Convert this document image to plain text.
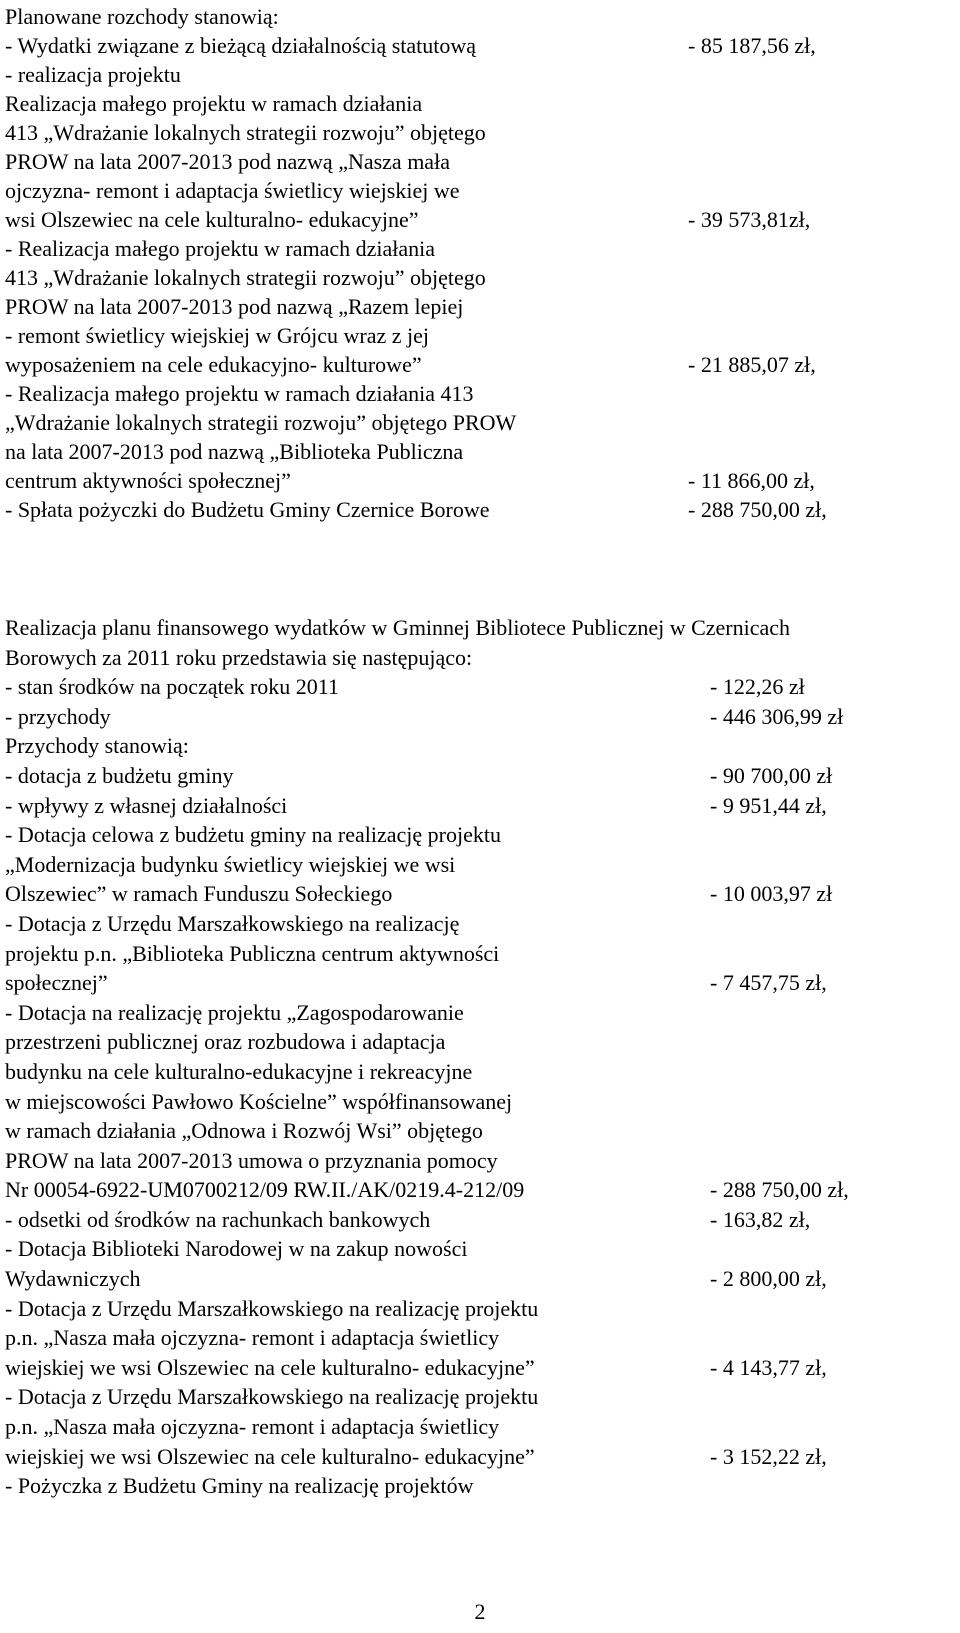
Planowane rozchody stanowią:
- Wydatki związane z bieżącą działalnością statutową	- 85 187,56 zł,
- realizacja projektu
Realizacja małego projektu w ramach działania
413 „Wdrażanie lokalnych strategii rozwoju” objętego
PROW na lata 2007-2013 pod nazwą „Nasza mała
ojczyzna- remont i adaptacja świetlicy wiejskiej we
wsi Olszewiec na cele kulturalno- edukacyjne”	- 39 573,81zł,
- Realizacja małego projektu w ramach działania
413 „Wdrażanie lokalnych strategii rozwoju” objętego
PROW na lata 2007-2013 pod nazwą „Razem lepiej
- remont świetlicy wiejskiej w Grójcu wraz z jej
wyposażeniem na cele edukacyjno- kulturowe”	- 21 885,07 zł,
- Realizacja małego projektu w ramach działania 413
„Wdrażanie lokalnych strategii rozwoju” objętego PROW
na lata 2007-2013 pod nazwą „Biblioteka Publiczna
centrum aktywności społecznej”	- 11 866,00 zł,
- Spłata pożyczki do Budżetu Gminy Czernice Borowe	- 288 750,00 zł,
Realizacja planu finansowego wydatków w Gminnej Bibliotece Publicznej w Czernicach
Borowych za 2011 roku przedstawia się następująco:
- stan środków na początek roku 2011	- 122,26 zł
- przychody	- 446 306,99 zł
Przychody stanowią:
- dotacja z budżetu gminy	- 90 700,00 zł
- wpływy z własnej działalności	- 9 951,44 zł,
- Dotacja celowa z budżetu gminy na realizację projektu
„Modernizacja budynku świetlicy wiejskiej we wsi
Olszewiec” w ramach Funduszu Sołeckiego	- 10 003,97 zł
- Dotacja z Urzędu Marszałkowskiego na realizację
projektu p.n. „Biblioteka Publiczna centrum aktywności
społecznej”	- 7 457,75 zł,
- Dotacja na realizację projektu „Zagospodarowanie
przestrzeni publicznej oraz rozbudowa i adaptacja
budynku na cele kulturalno-edukacyjne i rekreacyjne
w miejscowości Pawłowo Kościelne” współfinansowanej
w ramach działania „Odnowa i Rozwój Wsi” objętego
PROW na lata 2007-2013 umowa o przyznania pomocy
Nr 00054-6922-UM0700212/09 RW.II./AK/0219.4-212/09	- 288 750,00 zł,
- odsetki od środków na rachunkach bankowych	- 163,82 zł,
- Dotacja Biblioteki Narodowej w na zakup nowości
Wydawniczych	- 2 800,00 zł,
- Dotacja z Urzędu Marszałkowskiego na realizację projektu
p.n. „Nasza mała ojczyzna- remont i adaptacja świetlicy
wiejskiej we wsi Olszewiec na cele kulturalno- edukacyjne”	- 4 143,77 zł,
- Dotacja z Urzędu Marszałkowskiego na realizację projektu
p.n. „Nasza mała ojczyzna- remont i adaptacja świetlicy
wiejskiej we wsi Olszewiec na cele kulturalno- edukacyjne”	- 3 152,22 zł,
- Pożyczka z Budżetu Gminy na realizację projektów
2
